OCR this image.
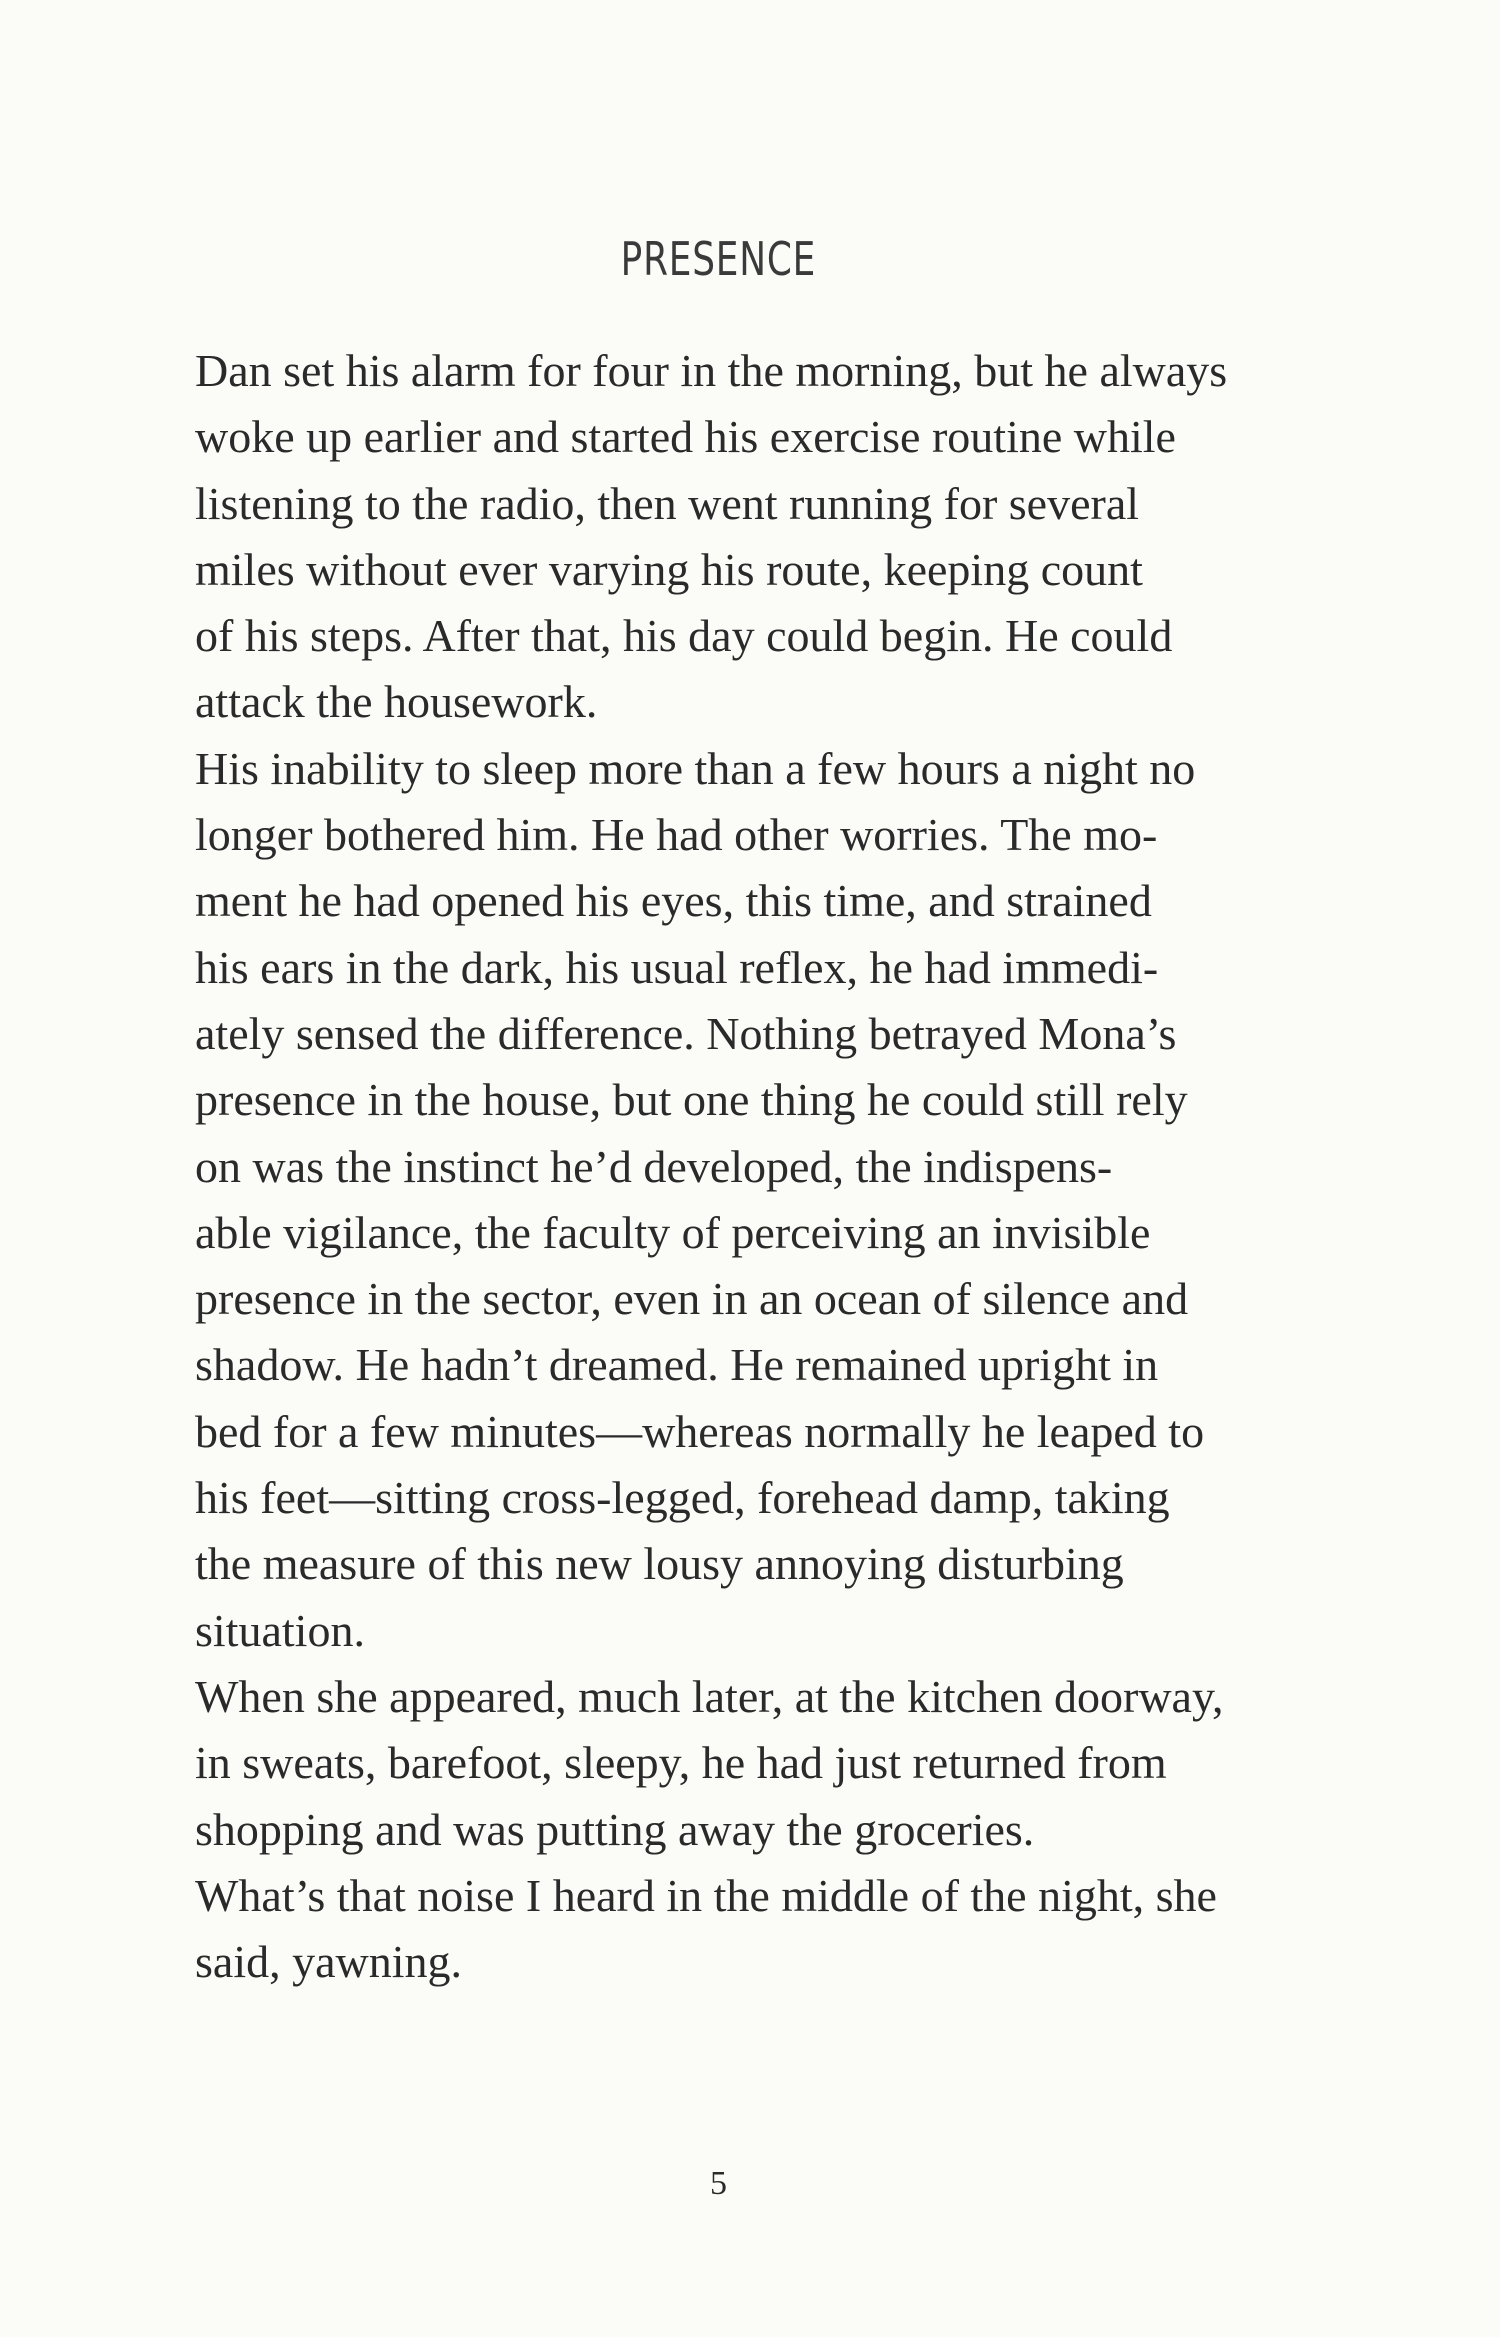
PRESENCE
Dan set his alarm for four in the morning, but he always
woke up earlier and started his exercise routine while
listening to the radio, then went running for several
miles without ever varying his route, keeping count
of his steps. After that, his day could begin. He could
attack the housework.
His inability to sleep more than a few hours a night no
longer bothered him. He had other worries. The mo-
ment he had opened his eyes, this time, and strained
his ears in the dark, his usual reflex, he had immedi-
ately sensed the difference. Nothing betrayed Mona’s
presence in the house, but one thing he could still rely
on was the instinct he’d developed, the indispens-
able vigilance, the faculty of perceiving an invisible
presence in the sector, even in an ocean of silence and
shadow. He hadn’t dreamed. He remained upright in
bed for a few minutes—whereas normally he leaped to
his feet—sitting cross-legged, forehead damp, taking
the measure of this new lousy annoying disturbing
situation.
When she appeared, much later, at the kitchen doorway,
in sweats, barefoot, sleepy, he had just returned from
shopping and was putting away the groceries.
What’s that noise I heard in the middle of the night, she
said, yawning.
5
